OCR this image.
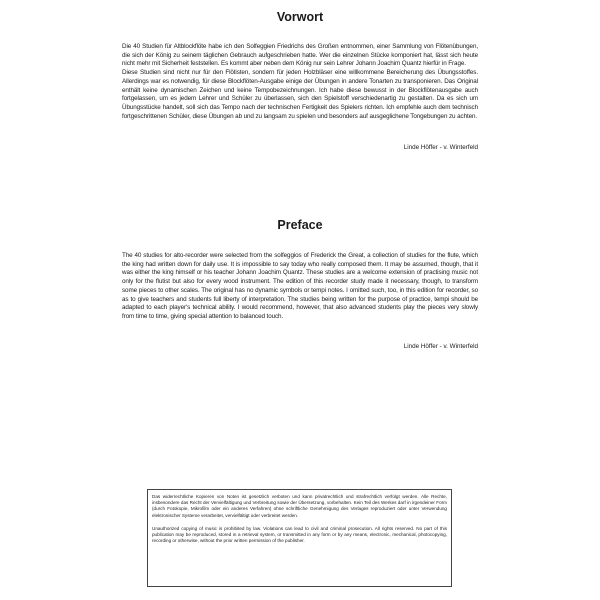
Vorwort

Die 40 Studien für Altblockflöte habe ich den Solfeggien Friedrichs des Großen entnommen, einer Sammlung von Flötenübungen, die sich der König zu seinem täglichen Gebrauch aufgeschrieben hatte. Wer die einzelnen Stücke komponiert hat, lässt sich heute nicht mehr mit Sicherheit feststellen. Es kommt aber neben dem König nur sein Lehrer Johann Joachim Quantz hierfür in Frage.

Diese Studien sind nicht nur für den Flötisten, sondern für jeden Holzbläser eine willkommene Bereicherung des Übungsstoffes. Allerdings war es notwendig, für diese Blockflöten-Ausgabe einige der Übungen in andere Tonarten zu transponieren. Das Original enthält keine dynamischen Zeichen und keine Tempobezeichnungen. Ich habe diese bewusst in der Blockflötenausgabe auch fortgelassen, um es jedem Lehrer und Schüler zu überlassen, sich den Spielstoff verschiedenartig zu gestalten. Da es sich um Übungsstücke handelt, soll sich das Tempo nach der technischen Fertigkeit des Spielers richten. Ich empfehle auch dem technisch fortgeschrittenen Schüler, diese Übungen ab und zu langsam zu spielen und besonders auf ausgeglichene Tongebungen zu achten.

Linde Höffer - v. Winterfeld
Preface

The 40 studies for alto-recorder were selected from the solfeggios of Frederick the Great, a collection of studies for the flute, which the king had written down for daily use. It is impossible to say today who really composed them. It may be assumed, though, that it was either the king himself or his teacher Johann Joachim Quantz. These studies are a welcome extension of practising music not only for the flutist but also for every wood instrument. The edition of this recorder study made it necessary, though, to transform some pieces to other scales. The original has no dynamic symbols or tempi notes. I omitted such, too, in this edition for recorder, so as to give teachers and students full liberty of interpretation. The studies being written for the purpose of practice, tempi should be adapted to each player's technical ability. I would recommend, however, that also advanced students play the pieces very slowly from time to time, giving special attention to balanced touch.

Linde Höffer - v. Winterfeld

Das widerrechtliche Kopieren von Noten ist gesetzlich verboten und kann privatrechtlich und strafrechtlich verfolgt werden. Alle Rechte, insbesondere das Recht der Vervielfältigung und Verbreitung sowie der Übersetzung, vorbehalten. Kein Teil des Werkes darf in irgendeiner Form (durch Fotokopie, Mikrofilm oder ein anderes Verfahren) ohne schriftliche Genehmigung des Verlages reproduziert oder unter Verwendung elektronischer Systeme verarbeitet, vervielfältigt oder verbreitet werden.

Unauthorized copying of music is prohibited by law. Violations can lead to civil and criminal prosecution. All rights reserved. No part of this publication may be reproduced, stored in a retrieval system, or transmitted in any form or by any means, electronic, mechanical, photocopying, recording or otherwise, without the prior written permission of the publisher.
